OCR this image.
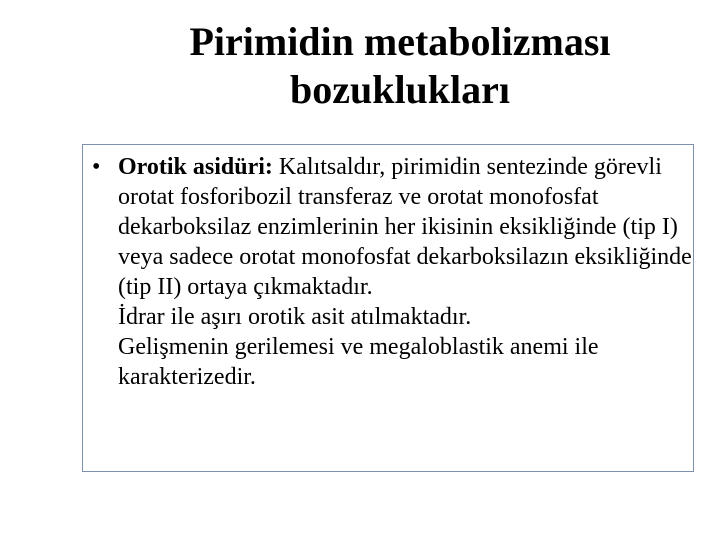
Pirimidin metabolizması
bozuklukları
• Orotik asidüri: Kalıtsaldır, pirimidin sentezinde görevli orotat fosforibozil transferaz ve orotat monofosfat dekarboksilaz enzimlerinin her ikisinin eksikliğinde (tip I) veya sadece orotat monofosfat dekarboksilazın eksikliğinde (tip II) ortaya çıkmaktadır.

İdrar ile aşırı orotik asit atılmaktadır.

Gelişmenin gerilemesi ve megaloblastik anemi ile karakterizedir.
